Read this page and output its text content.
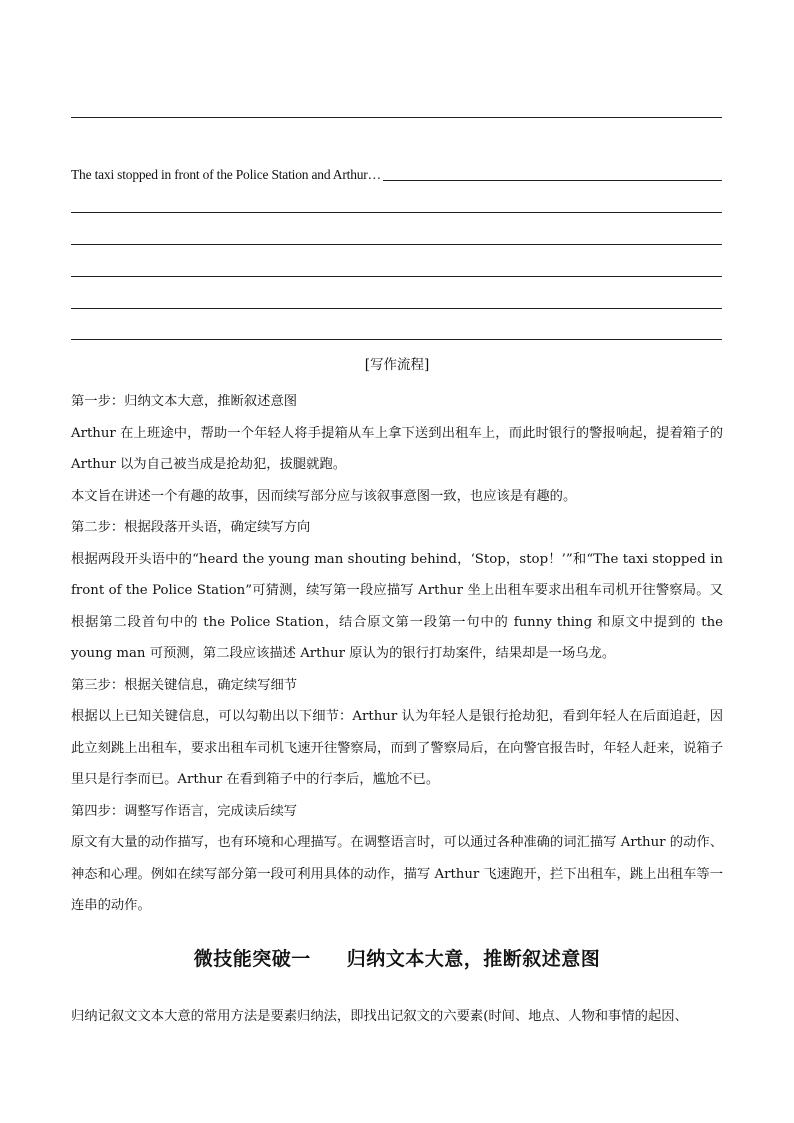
The taxi stopped in front of the Police Station and Arthur…
[写作流程]

第一步：归纳文本大意，推断叙述意图

Arthur 在上班途中，帮助一个年轻人将手提箱从车上拿下送到出租车上，而此时银行的警报响起，提着箱子的 Arthur 以为自己被当成是抢劫犯，拔腿就跑。

本文旨在讲述一个有趣的故事，因而续写部分应与该叙事意图一致，也应该是有趣的。

第二步：根据段落开头语，确定续写方向

根据两段开头语中的“heard the young man shouting behind，‘Stop，stop！’”和“The taxi stopped in front of the Police Station”可猜测，续写第一段应描写 Arthur 坐上出租车要求出租车司机开往警察局。又根据第二段首句中的 the Police Station，结合原文第一段第一句中的 funny thing 和原文中提到的 the young man 可预测，第二段应该描述 Arthur 原认为的银行打劫案件，结果却是一场乌龙。

第三步：根据关键信息，确定续写细节

根据以上已知关键信息，可以勾勒出以下细节：Arthur 认为年轻人是银行抢劫犯，看到年轻人在后面追赶，因此立刻跳上出租车，要求出租车司机飞速开往警察局，而到了警察局后，在向警官报告时，年轻人赶来，说箱子里只是行李而已。Arthur 在看到箱子中的行李后，尴尬不已。

第四步：调整写作语言，完成读后续写

原文有大量的动作描写，也有环境和心理描写。在调整语言时，可以通过各种准确的词汇描写 Arthur 的动作、神态和心理。例如在续写部分第一段可利用具体的动作，描写 Arthur 飞速跑开，拦下出租车，跳上出租车等一连串的动作。

微技能突破一 归纳文本大意，推断叙述意图
归纳记叙文文本大意的常用方法是要素归纳法，即找出记叙文的六要素(时间、地点、人物和事情的起因、
